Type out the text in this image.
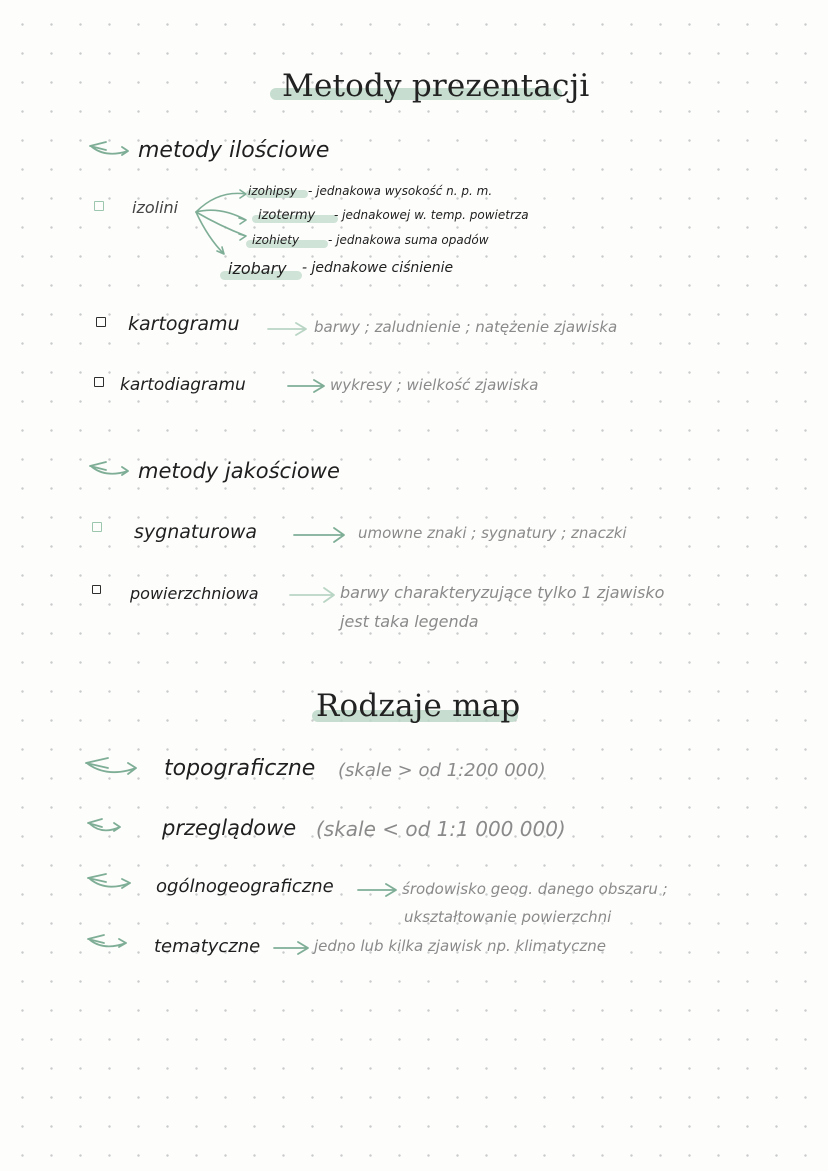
Metody prezentacji
metody ilościowe
izolini
izohipsy - jednakowa wysokość n. p. m.
izotermy - jednakowej w. temp. powietrza
izohiety - jednakowa suma opadów
izobary - jednakowe ciśnienie
kartogramu	barwy ; zaludnienie ; natężenie zjawiska
kartodiagramu	wykresy ; wielkość zjawiska
metody jakościowe
sygnaturowa	umowne znaki ; sygnatury ; znaczki
powierzchniowa	barwy charakteryzujące tylko 1 zjawisko
jest taka legenda
Rodzaje map
topograficzne (skale > od 1:200 000)
przeglądowe (skale < od 1:1 000 000)
ogólnogeograficzne	środowisko geog. danego obszaru ;
ukształtowanie powierzchni
tematyczne	jedno lub kilka zjawisk np. klimatyczne
